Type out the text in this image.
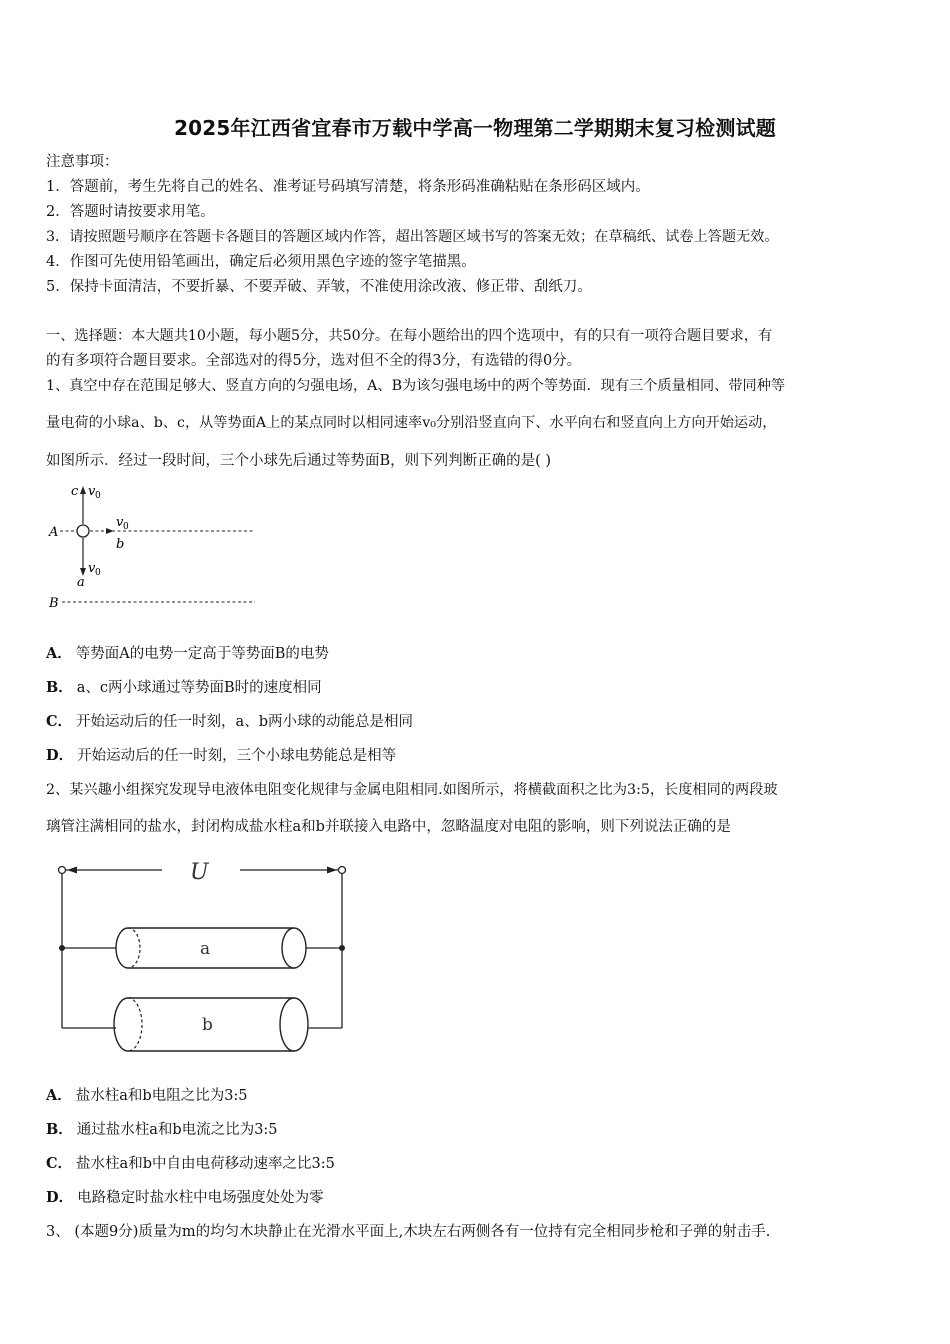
2025年江西省宜春市万载中学高一物理第二学期期末复习检测试题
注意事项：
1．答题前，考生先将自己的姓名、准考证号码填写清楚，将条形码准确粘贴在条形码区域内。
2．答题时请按要求用笔。
3．请按照题号顺序在答题卡各题目的答题区域内作答，超出答题区域书写的答案无效；在草稿纸、试卷上答题无效。
4．作图可先使用铅笔画出，确定后必须用黑色字迹的签字笔描黑。
5．保持卡面清洁，不要折暴、不要弄破、弄皱，不准使用涂改液、修正带、刮纸刀。
一、选择题：本大题共10小题，每小题5分，共50分。在每小题给出的四个选项中，有的只有一项符合题目要求，有
的有多项符合题目要求。全部选对的得5分，选对但不全的得3分，有选错的得0分。
1、真空中存在范围足够大、竖直方向的匀强电场，A、B为该匀强电场中的两个等势面．现有三个质量相同、带同种等
量电荷的小球a、b、c，从等势面A上的某点同时以相同速率v₀分别沿竖直向下、水平向右和竖直向上方向开始运动，
如图所示．经过一段时间，三个小球先后通过等势面B，则下列判断正确的是( )
c v 0
A
v 0
b
v 0
a
B
A． 等势面A的电势一定高于等势面B的电势
B． a、c两小球通过等势面B时的速度相同
C． 开始运动后的任一时刻，a、b两小球的动能总是相同
D． 开始运动后的任一时刻，三个小球电势能总是相等
2、某兴趣小组探究发现导电液体电阻变化规律与金属电阻相同.如图所示，将横截面积之比为3:5，长度相同的两段玻
璃管注满相同的盐水，封闭构成盐水柱a和b并联接入电路中，忽略温度对电阻的影响，则下列说法正确的是
U
a
b
A． 盐水柱a和b电阻之比为3:5
B． 通过盐水柱a和b电流之比为3:5
C． 盐水柱a和b中自由电荷移动速率之比3:5
D． 电路稳定时盐水柱中电场强度处处为零
3、 (本题9分)质量为m的均匀木块静止在光滑水平面上,木块左右两侧各有一位持有完全相同步枪和子弹的射击手.
